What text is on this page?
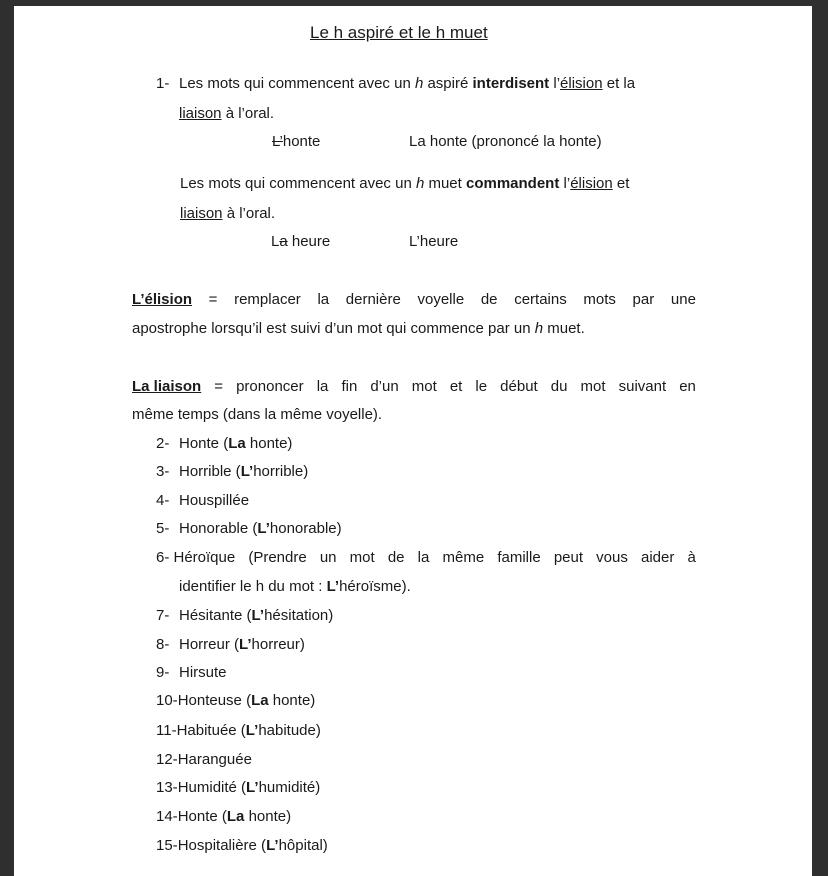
Le h aspiré et le h muet
1- Les mots qui commencent avec un h aspiré interdisent l’élision et la
liaison à l’oral.
L’honte	La honte (prononcé la honte)
Les mots qui commencent avec un h muet commandent l’élision et
liaison à l’oral.
La heure	L’heure
L’élision = remplacer la dernière voyelle de certains mots par une
apostrophe lorsqu’il est suivi d’un mot qui commence par un h muet.
La liaison = prononcer la fin d’un mot et le début du mot suivant en
même temps (dans la même voyelle).
2- Honte (La honte)
3- Horrible (L’horrible)
4- Houspillée
5- Honorable (L’honorable)
6- Héroïque (Prendre un mot de la même famille peut vous aider à
identifier le h du mot : L’héroïsme).
7- Hésitante (L’hésitation)
8- Horreur (L’horreur)
9- Hirsute
10-Honteuse (La honte)
11-Habituée (L’habitude)
12-Haranguée
13-Humidité (L’humidité)
14-Honte (La honte)
15-Hospitalière (L’hôpital)
